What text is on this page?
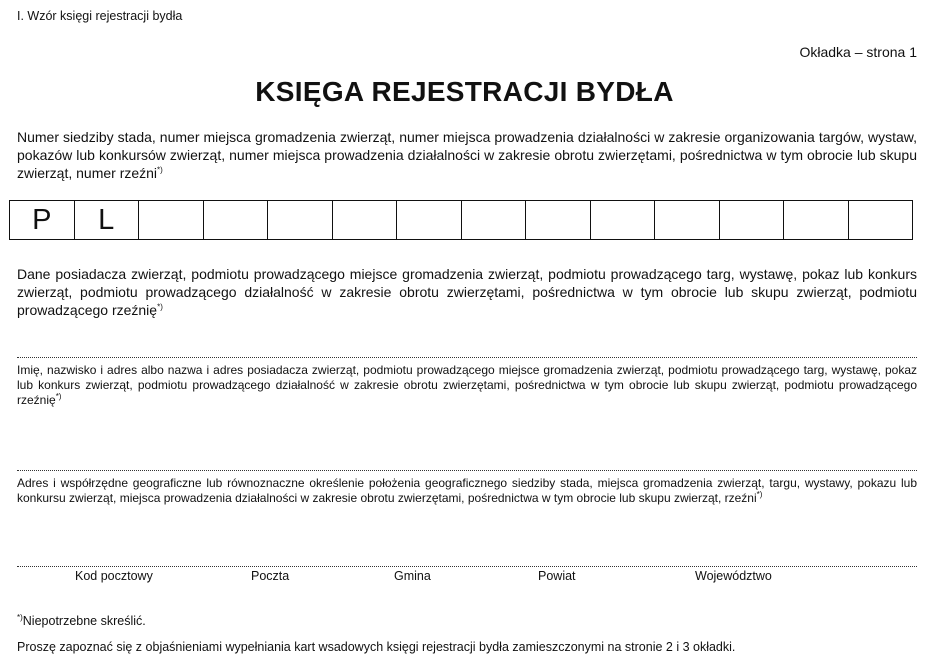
I. Wzór księgi rejestracji bydła
Okładka – strona 1
KSIĘGA REJESTRACJI BYDŁA
Numer siedziby stada, numer miejsca gromadzenia zwierząt, numer miejsca prowadzenia działalności w zakresie organizowania targów, wystaw, pokazów lub konkursów zwierząt, numer miejsca prowadzenia działalności w zakresie obrotu zwierzętami, pośrednictwa w tym obrocie lub skupu zwierząt, numer rzeźni*)
P	L
Dane posiadacza zwierząt, podmiotu prowadzącego miejsce gromadzenia zwierząt, podmiotu prowadzącego targ, wystawę, pokaz lub konkurs zwierząt, podmiotu prowadzącego działalność w zakresie obrotu zwierzętami, pośrednictwa w tym obrocie lub skupu zwierząt, podmiotu prowadzącego rzeźnię*)
Imię, nazwisko i adres albo nazwa i adres posiadacza zwierząt, podmiotu prowadzącego miejsce gromadzenia zwierząt, podmiotu prowadzącego targ, wystawę, pokaz lub konkurs zwierząt, podmiotu prowadzącego działalność w zakresie obrotu zwierzętami, pośrednictwa w tym obrocie lub skupu zwierząt, podmiotu prowadzącego rzeźnię*)
Adres i współrzędne geograficzne lub równoznaczne określenie położenia geograficznego siedziby stada, miejsca gromadzenia zwierząt, targu, wystawy, pokazu lub konkursu zwierząt, miejsca prowadzenia działalności w zakresie obrotu zwierzętami, pośrednictwa w tym obrocie lub skupu zwierząt, rzeźni*)
Kod pocztowy	Poczta	Gmina	Powiat	Województwo
*)Niepotrzebne skreślić.
Proszę zapoznać się z objaśnieniami wypełniania kart wsadowych księgi rejestracji bydła zamieszczonymi na stronie 2 i 3 okładki.
